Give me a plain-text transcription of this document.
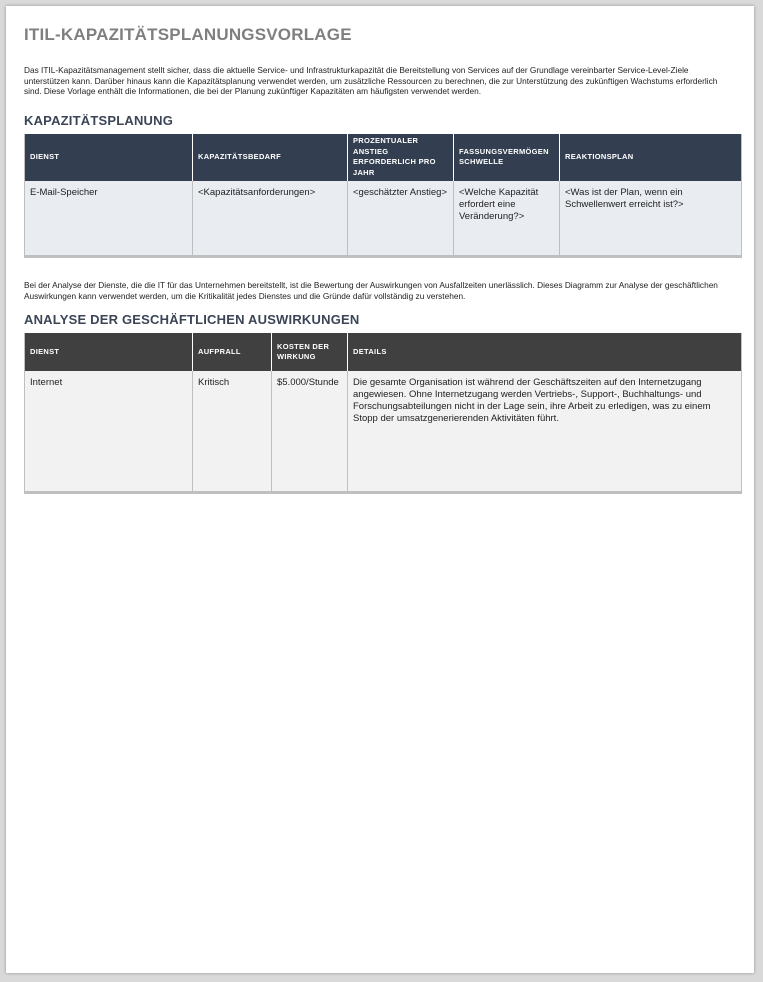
ITIL-KAPAZITÄTSPLANUNGSVORLAGE

Das ITIL-Kapazitätsmanagement stellt sicher, dass die aktuelle Service- und Infrastrukturkapazität die Bereitstellung von Services auf der Grundlage vereinbarter Service-Level-Ziele unterstützen kann. Darüber hinaus kann die Kapazitätsplanung verwendet werden, um zusätzliche Ressourcen zu berechnen, die zur Unterstützung des zukünftigen Wachstums erforderlich sind. Diese Vorlage enthält die Informationen, die bei der Planung zukünftiger Kapazitäten am häufigsten verwendet werden.

KAPAZITÄTSPLANUNG
DIENST	KAPAZITÄTSBEDARF	PROZENTUALER ANSTIEG ERFORDERLICH PRO JAHR	FASSUNGSVERMÖGEN SCHWELLE	REAKTIONSPLAN
E-Mail-Speicher	<Kapazitätsanforderungen>	<geschätzter Anstieg>	<Welche Kapazität erfordert eine Veränderung?>	<Was ist der Plan, wenn ein Schwellenwert erreicht ist?>

Bei der Analyse der Dienste, die die IT für das Unternehmen bereitstellt, ist die Bewertung der Auswirkungen von Ausfallzeiten unerlässlich. Dieses Diagramm zur Analyse der geschäftlichen Auswirkungen kann verwendet werden, um die Kritikalität jedes Dienstes und die Gründe dafür vollständig zu verstehen.

ANALYSE DER GESCHÄFTLICHEN AUSWIRKUNGEN
DIENST	AUFPRALL	KOSTEN DER WIRKUNG	DETAILS
Internet	Kritisch	$5.000/Stunde	Die gesamte Organisation ist während der Geschäftszeiten auf den Internetzugang angewiesen. Ohne Internetzugang werden Vertriebs-, Support-, Buchhaltungs- und Forschungsabteilungen nicht in der Lage sein, ihre Arbeit zu erledigen, was zu einem Stopp der umsatzgenerierenden Aktivitäten führt.
